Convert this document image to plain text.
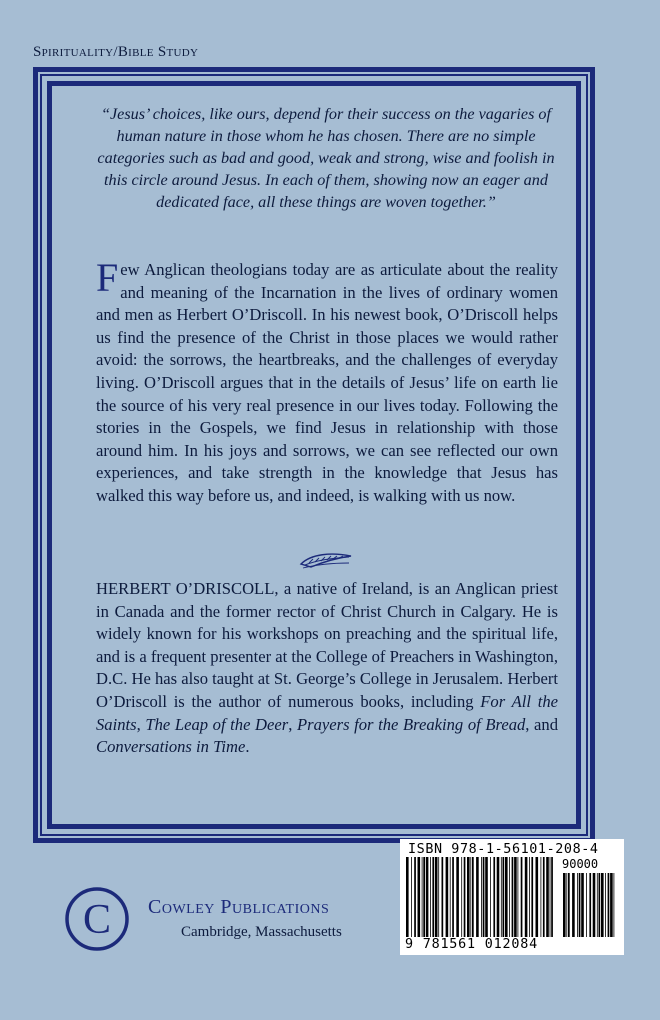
Spirituality/Bible Study

“Jesus’ choices, like ours, depend for their success on the vagaries of human nature in those whom he has chosen. There are no simple categories such as bad and good, weak and strong, wise and foolish in this circle around Jesus. In each of them, showing now an eager and dedicated face, all these things are woven together.”

Few Anglican theologians today are as articulate about the reality and meaning of the Incarnation in the lives of ordinary women and men as Herbert O’Driscoll. In his newest book, O’Driscoll helps us find the presence of the Christ in those places we would rather avoid: the sorrows, the heartbreaks, and the challenges of everyday living. O’Driscoll argues that in the details of Jesus’ life on earth lie the source of his very real presence in our lives today. Following the stories in the Gospels, we find Jesus in relationship with those around him. In his joys and sorrows, we can see reflected our own experiences, and take strength in the knowledge that Jesus has walked this way before us, and indeed, is walking with us now.

HERBERT O’DRISCOLL, a native of Ireland, is an Anglican priest in Canada and the former rector of Christ Church in Calgary. He is widely known for his workshops on preaching and the spiritual life, and is a frequent presenter at the College of Preachers in Washington, D.C. He has also taught at St. George’s College in Jerusalem. Herbert O’Driscoll is the author of numerous books, including For All the Saints, The Leap of the Deer, Prayers for the Breaking of Bread, and Conversations in Time.

C Cowley Publications
Cambridge, Massachusetts
ISBN 978-1-56101-208-4
90000
9 781561 012084
